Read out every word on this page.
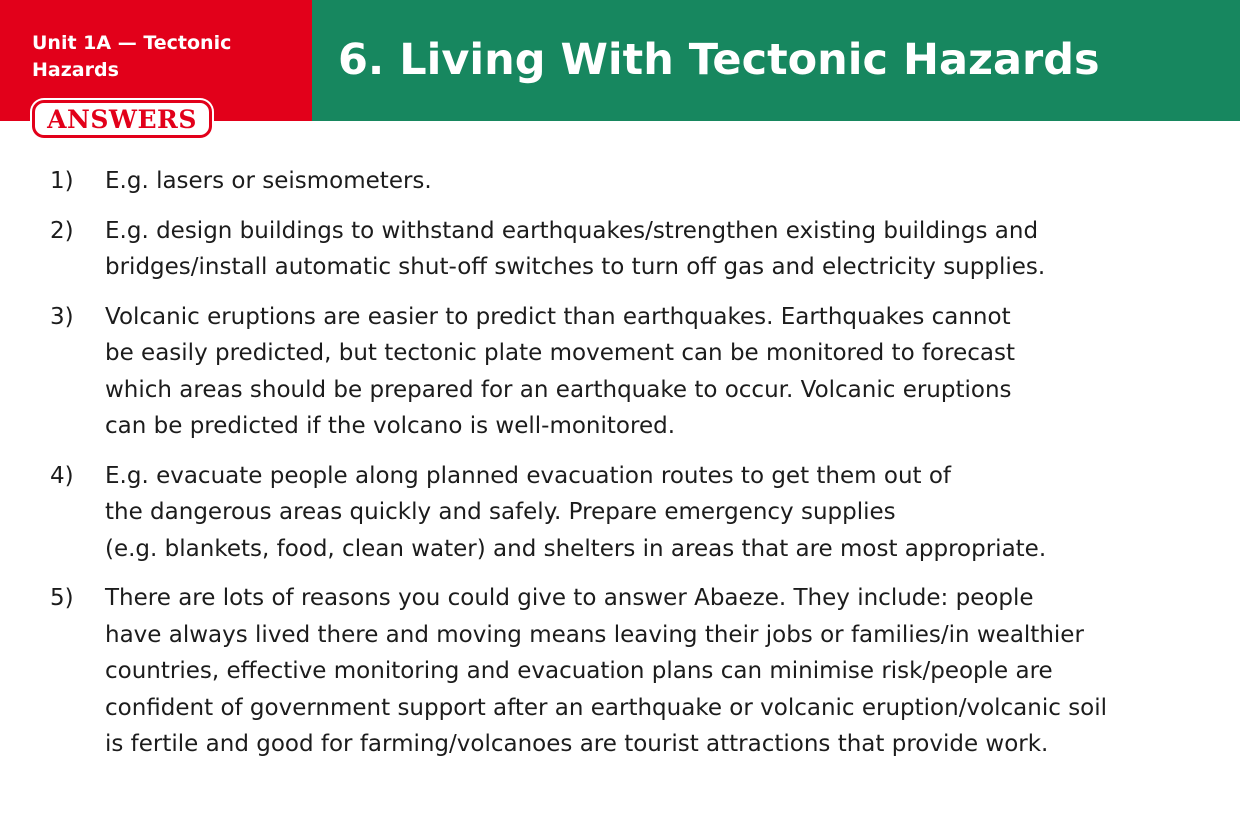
Unit 1A — Tectonic Hazards	6. Living With Tectonic Hazards
ANSWERS
1) E.g. lasers or seismometers.
2) E.g. design buildings to withstand earthquakes/strengthen existing buildings and
bridges/install automatic shut-off switches to turn off gas and electricity supplies.
3) Volcanic eruptions are easier to predict than earthquakes. Earthquakes cannot
be easily predicted, but tectonic plate movement can be monitored to forecast
which areas should be prepared for an earthquake to occur. Volcanic eruptions
can be predicted if the volcano is well-monitored.
4) E.g. evacuate people along planned evacuation routes to get them out of
the dangerous areas quickly and safely. Prepare emergency supplies
(e.g. blankets, food, clean water) and shelters in areas that are most appropriate.
5) There are lots of reasons you could give to answer Abaeze. They include: people
have always lived there and moving means leaving their jobs or families/in wealthier
countries, effective monitoring and evacuation plans can minimise risk/people are
confident of government support after an earthquake or volcanic eruption/volcanic soil
is fertile and good for farming/volcanoes are tourist attractions that provide work.
